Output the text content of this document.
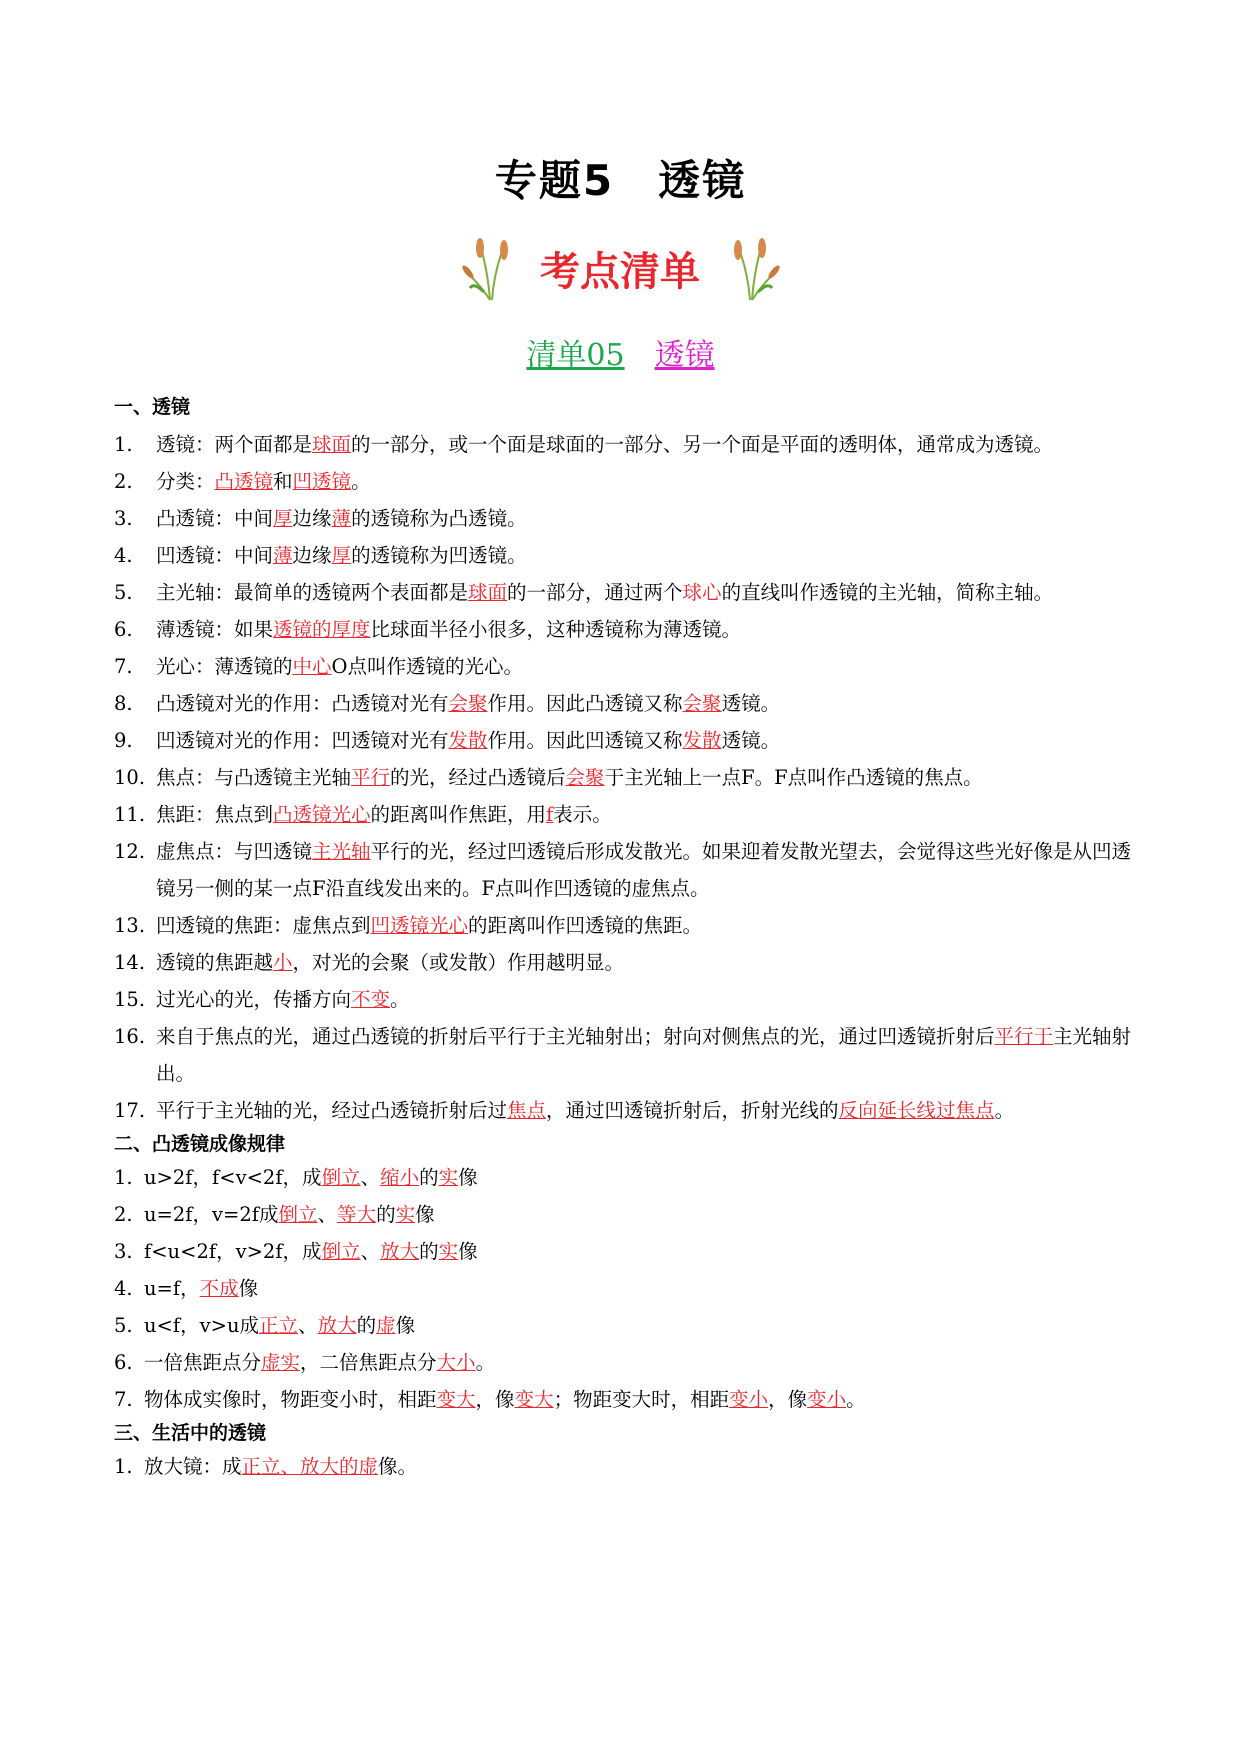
专题5　透镜
考点清单
清单05　 透镜
一、透镜
1.	透镜：两个面都是球面的一部分，或一个面是球面的一部分、另一个面是平面的透明体，通常成为透镜。
2.	分类：凸透镜和凹透镜。
3.	凸透镜：中间厚边缘薄的透镜称为凸透镜。
4.	凹透镜：中间薄边缘厚的透镜称为凹透镜。
5.	主光轴：最简单的透镜两个表面都是球面的一部分，通过两个球心的直线叫作透镜的主光轴，简称主轴。
6.	薄透镜：如果透镜的厚度比球面半径小很多，这种透镜称为薄透镜。
7.	光心：薄透镜的中心O点叫作透镜的光心。
8.	凸透镜对光的作用：凸透镜对光有会聚作用。因此凸透镜又称会聚透镜。
9.	凹透镜对光的作用：凹透镜对光有发散作用。因此凹透镜又称发散透镜。
10. 焦点：与凸透镜主光轴平行的光，经过凸透镜后会聚于主光轴上一点F。F点叫作凸透镜的焦点。
11. 焦距：焦点到凸透镜光心的距离叫作焦距，用f表示。
12. 虚焦点：与凹透镜主光轴平行的光，经过凹透镜后形成发散光。如果迎着发散光望去，会觉得这些光好像是从凹透镜另一侧的某一点F沿直线发出来的。F点叫作凹透镜的虚焦点。
13. 凹透镜的焦距：虚焦点到凹透镜光心的距离叫作凹透镜的焦距。
14. 透镜的焦距越小，对光的会聚（或发散）作用越明显。
15. 过光心的光，传播方向不变。
16. 来自于焦点的光，通过凸透镜的折射后平行于主光轴射出；射向对侧焦点的光，通过凹透镜折射后平行于主光轴射出。
17. 平行于主光轴的光，经过凸透镜折射后过焦点，通过凹透镜折射后，折射光线的反向延长线过焦点。
二、凸透镜成像规律
1. u>2f，f<v<2f，成倒立、缩小的实像
2. u=2f，v=2f成倒立、等大的实像
3. f<u<2f，v>2f，成倒立、放大的实像
4. u=f，不成像
5. u<f，v>u成正立、放大的虚像
6. 一倍焦距点分虚实，二倍焦距点分大小。
7. 物体成实像时，物距变小时，相距变大，像变大；物距变大时，相距变小，像变小。
三、生活中的透镜
1. 放大镜：成正立、放大的虚像。
